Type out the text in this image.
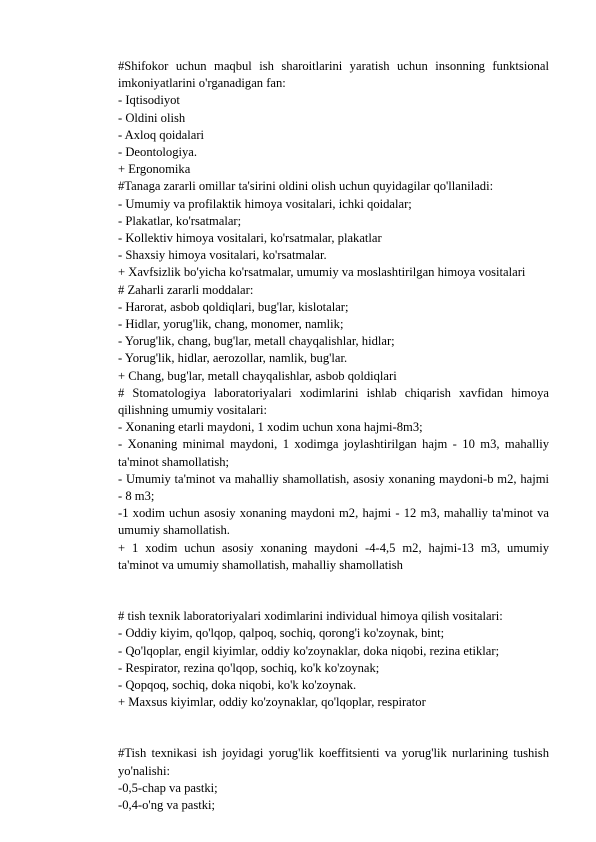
#Shifokor uchun maqbul ish sharoitlarini yaratish uchun insonning funktsional imkoniyatlarini o'rganadigan fan:
- Iqtisodiyot
- Oldini olish
- Axloq qoidalari
- Deontologiya.
+ Ergonomika
#Tanaga zararli omillar ta'sirini oldini olish uchun quyidagilar qo'llaniladi:
- Umumiy va profilaktik himoya vositalari, ichki qoidalar;
- Plakatlar, ko'rsatmalar;
- Kollektiv himoya vositalari, ko'rsatmalar, plakatlar
- Shaxsiy himoya vositalari, ko'rsatmalar.
+ Xavfsizlik bo'yicha ko'rsatmalar, umumiy va moslashtirilgan himoya vositalari
# Zaharli zararli moddalar:
- Harorat, asbob qoldiqlari, bug'lar, kislotalar;
- Hidlar, yorug'lik, chang, monomer, namlik;
- Yorug'lik, chang, bug'lar, metall chayqalishlar, hidlar;
- Yorug'lik, hidlar, aerozollar, namlik, bug'lar.
+ Chang, bug'lar, metall chayqalishlar, asbob qoldiqlari
# Stomatologiya laboratoriyalari xodimlarini ishlab chiqarish xavfidan himoya qilishning umumiy vositalari:
- Xonaning etarli maydoni, 1 xodim uchun xona hajmi-8m3;
- Xonaning minimal maydoni, 1 xodimga joylashtirilgan hajm - 10 m3, mahalliy ta'minot shamollatish;
- Umumiy ta'minot va mahalliy shamollatish, asosiy xonaning maydoni-b m2, hajmi - 8 m3;
-1 xodim uchun asosiy xonaning maydoni m2, hajmi - 12 m3, mahalliy ta'minot va umumiy shamollatish.
+ 1 xodim uchun asosiy xonaning maydoni -4-4,5 m2, hajmi-13 m3, umumiy ta'minot va umumiy shamollatish, mahalliy shamollatish
# tish texnik laboratoriyalari xodimlarini individual himoya qilish vositalari:
- Oddiy kiyim, qo'lqop, qalpoq, sochiq, qorong'i ko'zoynak, bint;
- Qo'lqoplar, engil kiyimlar, oddiy ko'zoynaklar, doka niqobi, rezina etiklar;
- Respirator, rezina qo'lqop, sochiq, ko'k ko'zoynak;
- Qopqoq, sochiq, doka niqobi, ko'k ko'zoynak.
+ Maxsus kiyimlar, oddiy ko'zoynaklar, qo'lqoplar, respirator
#Tish texnikasi ish joyidagi yorug'lik koeffitsienti va yorug'lik nurlarining tushish yo'nalishi:
-0,5-chap va pastki;
-0,4-o'ng va pastki;
